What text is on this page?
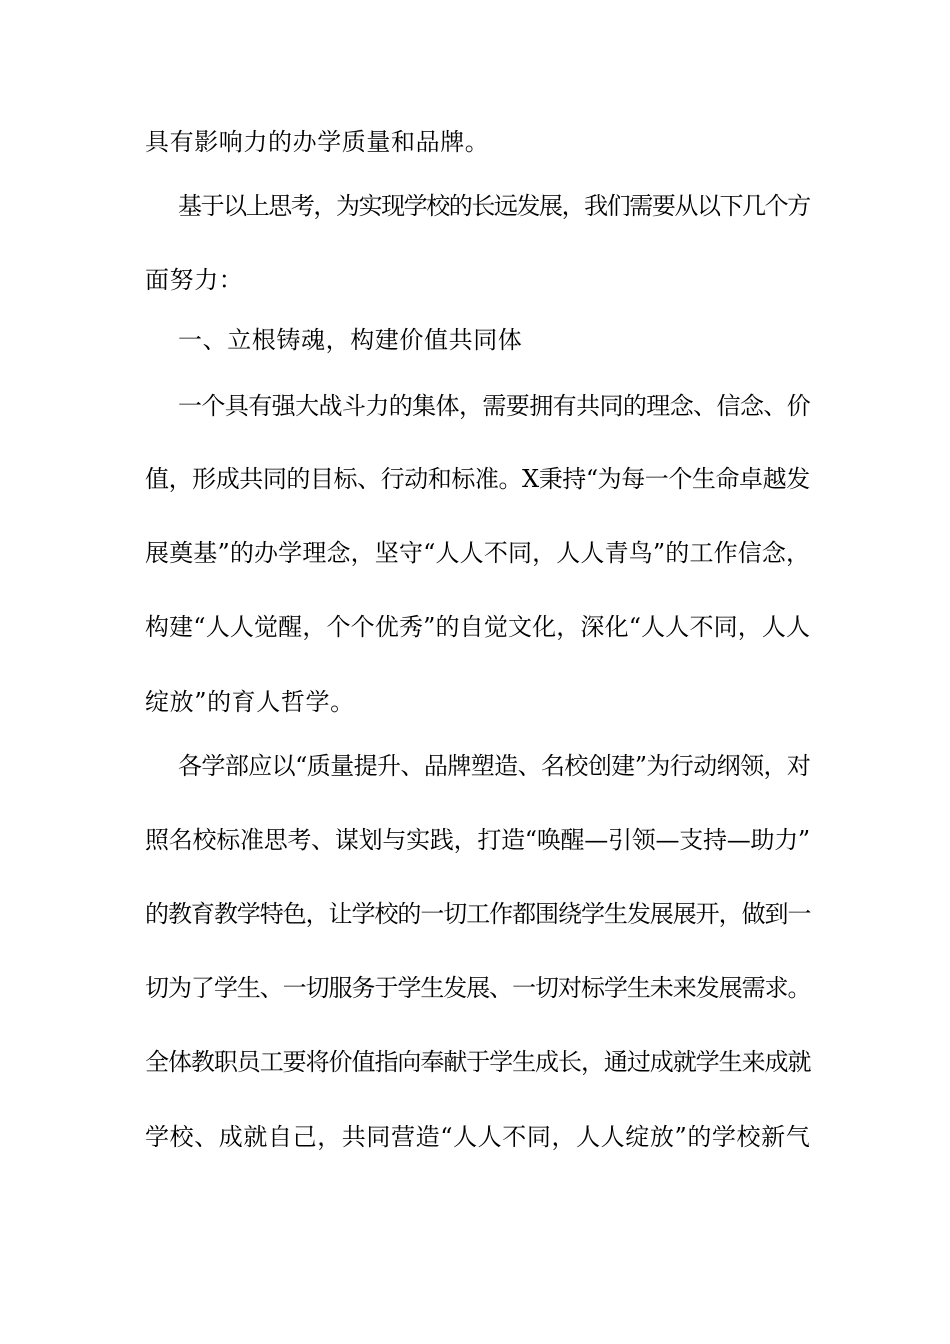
具有影响力的办学质量和品牌。
基于以上思考，为实现学校的长远发展，我们需要从以下几个方
面努力：
一、立根铸魂，构建价值共同体
一个具有强大战斗力的集体，需要拥有共同的理念、信念、价
值，形成共同的目标、行动和标准。X秉持“为每一个生命卓越发
展奠基”的办学理念，坚守“人人不同，人人青鸟”的工作信念，
构建“人人觉醒，个个优秀”的自觉文化，深化“人人不同，人人
绽放”的育人哲学。
各学部应以“质量提升、品牌塑造、名校创建”为行动纲领，对
照名校标准思考、谋划与实践，打造“唤醒—引领—支持—助力”
的教育教学特色，让学校的一切工作都围绕学生发展展开，做到一
切为了学生、一切服务于学生发展、一切对标学生未来发展需求。
全体教职员工要将价值指向奉献于学生成长，通过成就学生来成就
学校、成就自己，共同营造“人人不同，人人绽放”的学校新气
